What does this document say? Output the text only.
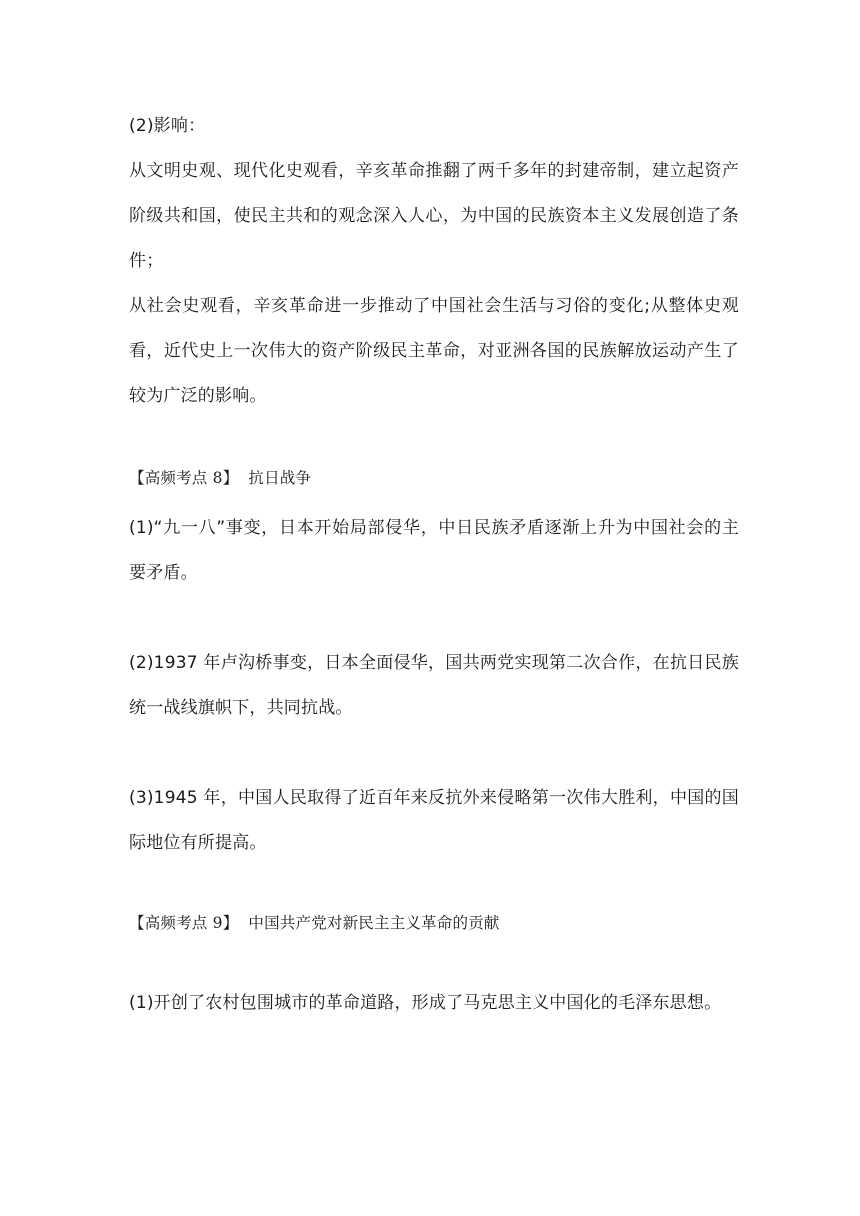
(2)影响：

从文明史观、现代化史观看，辛亥革命推翻了两千多年的封建帝制，建立起资产阶级共和国，使民主共和的观念深入人心，为中国的民族资本主义发展创造了条件；

从社会史观看，辛亥革命进一步推动了中国社会生活与习俗的变化;从整体史观看，近代史上一次伟大的资产阶级民主革命，对亚洲各国的民族解放运动产生了较为广泛的影响。

【高频考点 8】 抗日战争

(1)“九一八”事变，日本开始局部侵华，中日民族矛盾逐渐上升为中国社会的主要矛盾。

(2)1937 年卢沟桥事变，日本全面侵华，国共两党实现第二次合作，在抗日民族统一战线旗帜下，共同抗战。

(3)1945 年，中国人民取得了近百年来反抗外来侵略第一次伟大胜利，中国的国际地位有所提高。

【高频考点 9】 中国共产党对新民主主义革命的贡献

(1)开创了农村包围城市的革命道路，形成了马克思主义中国化的毛泽东思想。
